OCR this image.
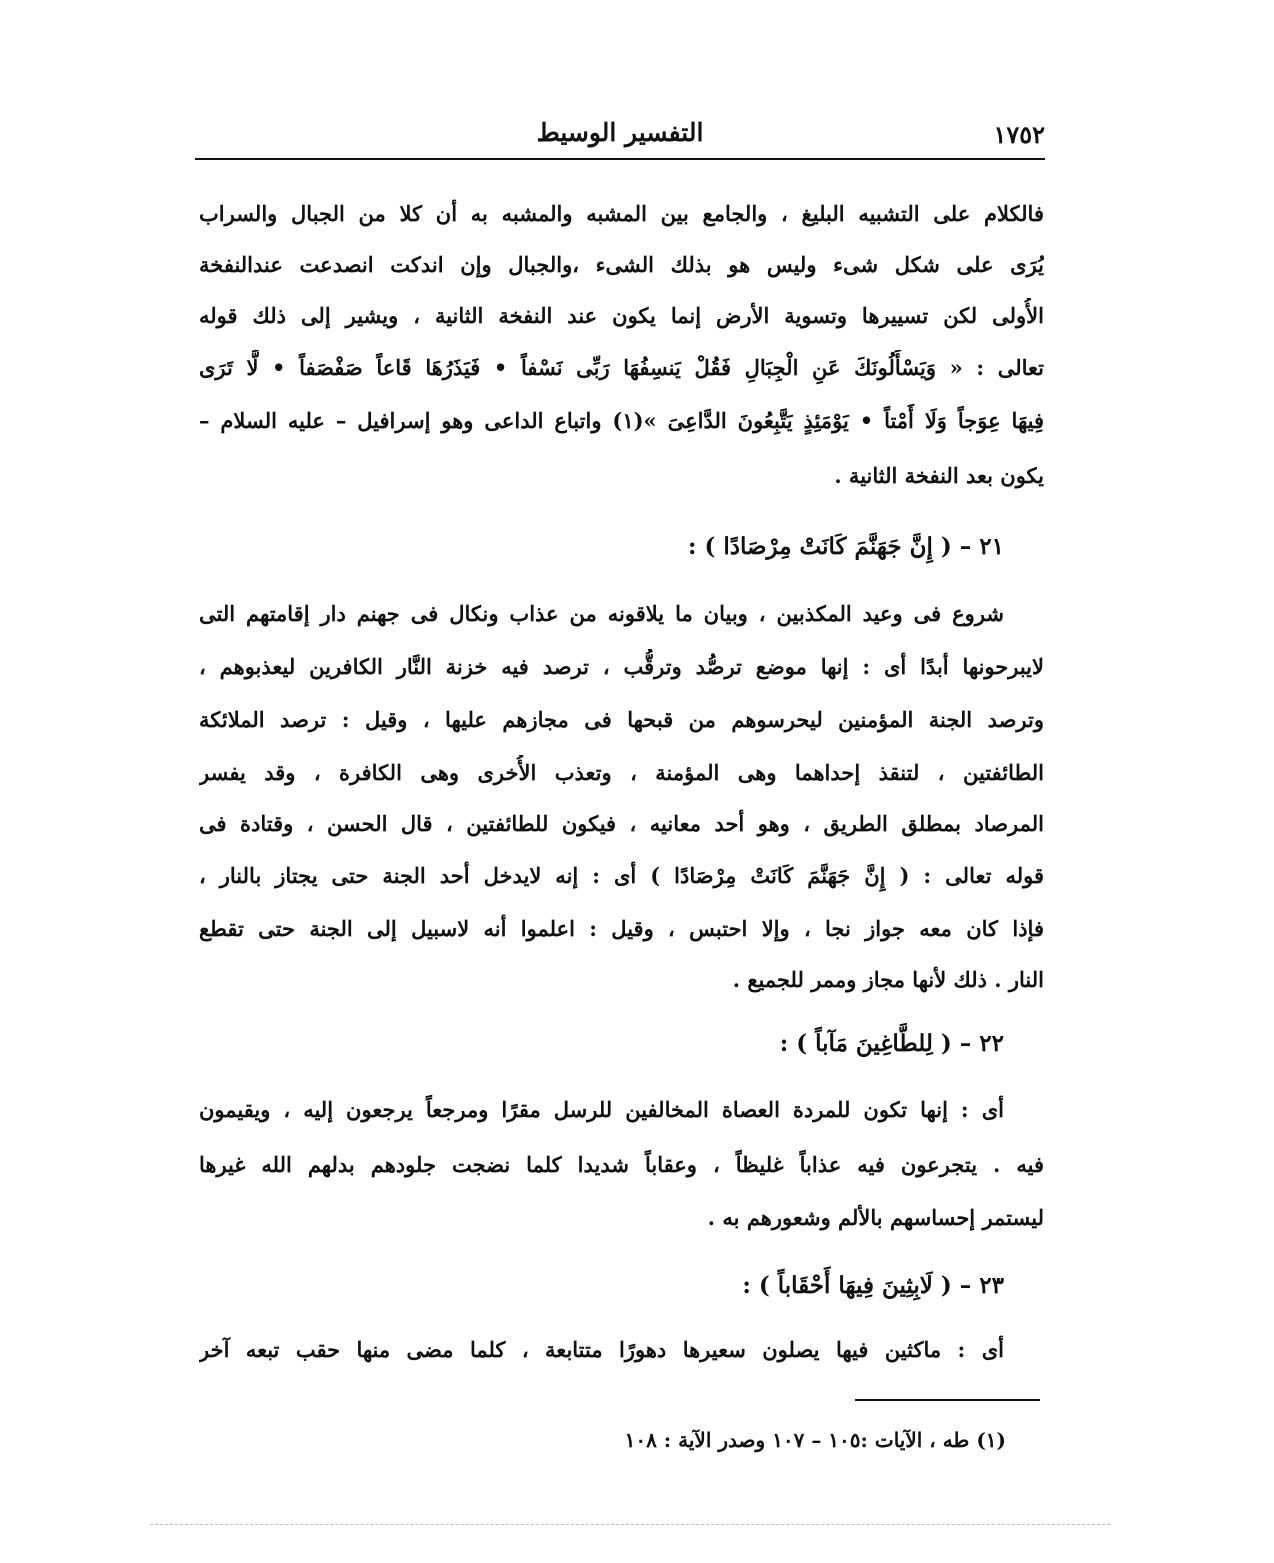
١٧٥٢
التفسير الوسيط
فالكلام على التشبيه البليغ ، والجامع بين المشبه والمشبه به أن كلا من الجبال والسراب
يُرَى على شكل شىء وليس هو بذلك الشىء ،والجبال وإن اندكت انصدعت عندالنفخة
الأُولى لكن تسييرها وتسوية الأرض إنما يكون عند النفخة الثانية ، ويشير إلى ذلك قوله
تعالى : « وَيَسْأَلُونَكَ عَنِ الْجِبَالِ فَقُلْ يَنسِفُهَا رَبِّى نَسْفاً • فَيَذَرُهَا قَاعاً صَفْصَفاً • لَّا تَرَى
فِيهَا عِوَجاً وَلَا أَمْتاً • يَوْمَئِذٍ يَتَّبِعُونَ الدَّاعِىَ »(١) واتباع الداعى وهو إسرافيل – عليه السلام –
يكون بعد النفخة الثانية .
٢١ – ( إِنَّ جَهَنَّمَ كَانَتْ مِرْصَادًا ) :
شروع فى وعيد المكذبين ، وبيان ما يلاقونه من عذاب ونكال فى جهنم دار إقامتهم التى
لايبرحونها أبدًا أى : إنها موضع ترصُّد وترقُّب ، ترصد فيه خزنة النَّار الكافرين ليعذبوهم ،
وترصد الجنة المؤمنين ليحرسوهم من قبحها فى مجازهم عليها ، وقيل : ترصد الملائكة
الطائفتين ، لتنقذ إحداهما وهى المؤمنة ، وتعذب الأُخرى وهى الكافرة ، وقد يفسر
المرصاد بمطلق الطريق ، وهو أحد معانيه ، فيكون للطائفتين ، قال الحسن ، وقتادة فى
قوله تعالى : ( إِنَّ جَهَنَّمَ كَانَتْ مِرْصَادًا ) أى : إنه لايدخل أحد الجنة حتى يجتاز بالنار ،
فإذا كان معه جواز نجا ، وإلا احتبس ، وقيل : اعلموا أنه لاسبيل إلى الجنة حتى تقطع
النار . ذلك لأنها مجاز وممر للجميع .
٢٢ – ( لِلطَّاغِينَ مَآباً ) :
أى : إنها تكون للمردة العصاة المخالفين للرسل مقرًا ومرجعاً يرجعون إليه ، ويقيمون
فيه . يتجرعون فيه عذاباً غليظاً ، وعقاباً شديدا كلما نضجت جلودهم بدلهم الله غيرها
ليستمر إحساسهم بالألم وشعورهم به .
٢٣ – ( لَابِثِينَ فِيهَا أَحْقَاباً ) :
أى : ماكثين فيها يصلون سعيرها دهورًا متتابعة ، كلما مضى منها حقب تبعه آخر
(١) طه ، الآيات :١٠٥ – ١٠٧ وصدر الآية : ١٠٨
